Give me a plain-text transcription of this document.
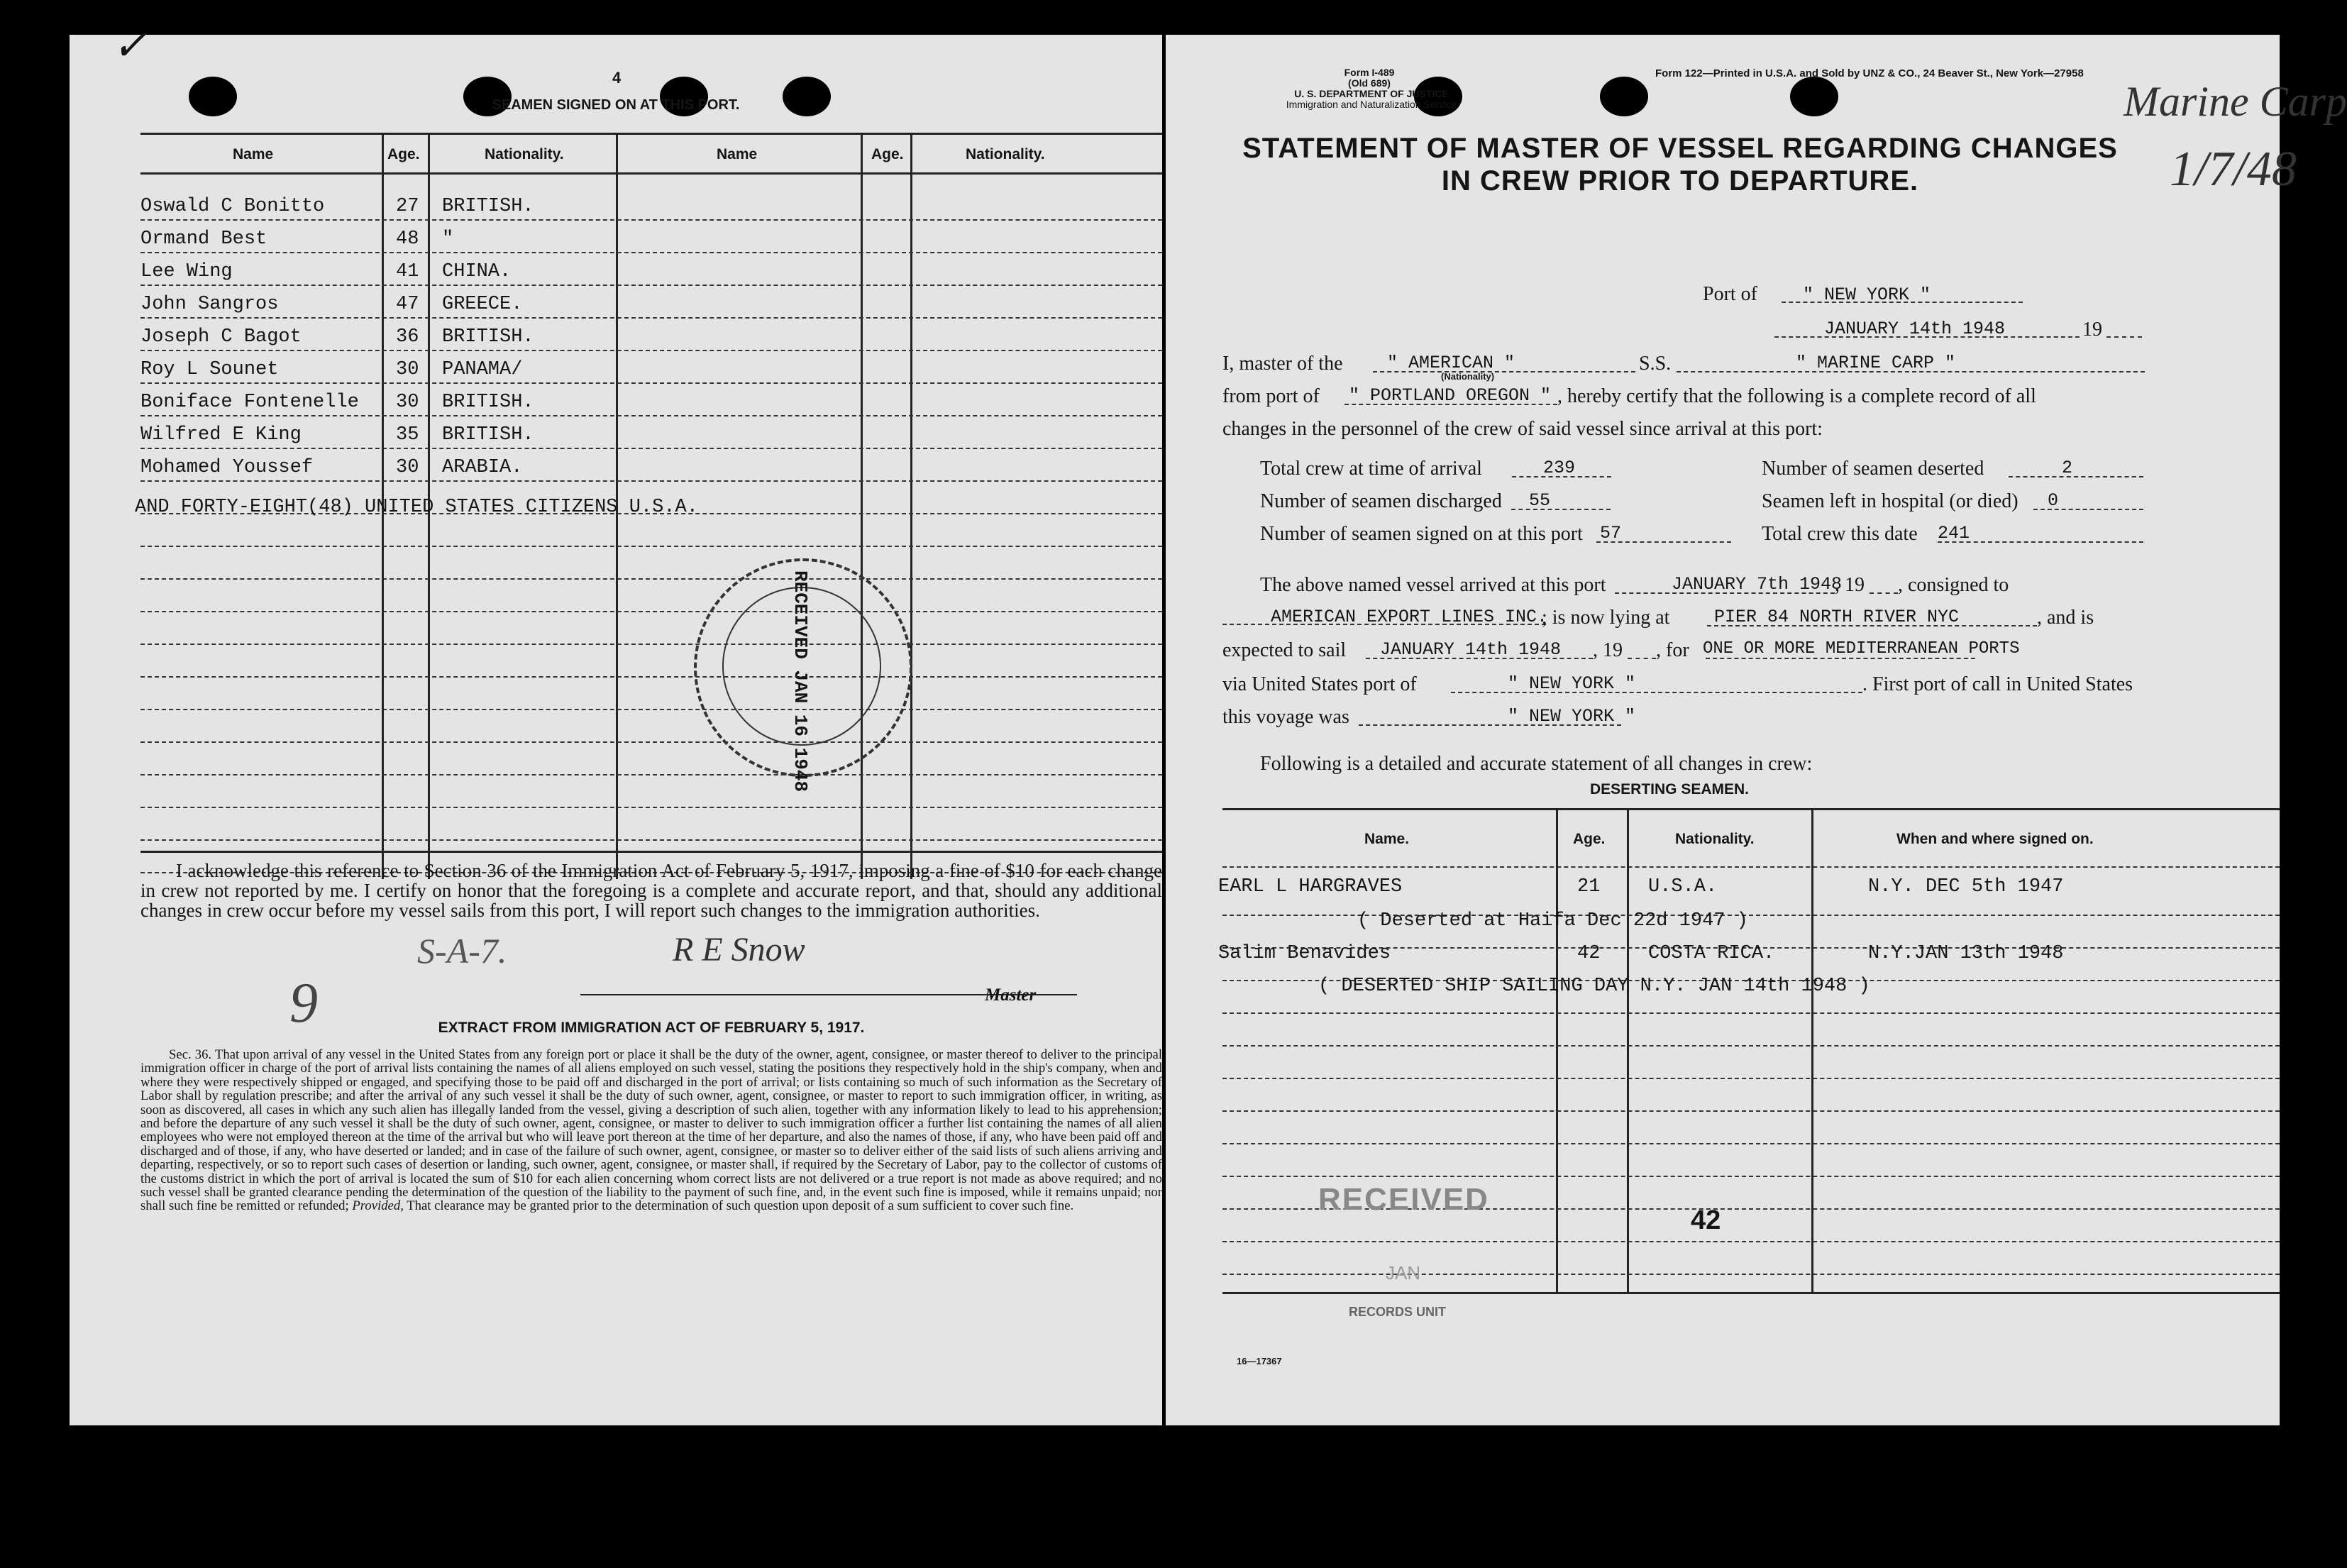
✓
4
SEAMEN SIGNED ON AT THIS PORT.
Name	Age.	Nationality.	Name	Age.	Nationality.
Oswald C Bonitto	27 BRITISH.
Ormand Best	48 "
Lee Wing	41 CHINA.
John Sangros	47 GREECE.
Joseph C Bagot	36 BRITISH.
Roy L Sounet	30 PANAMA/
Boniface Fontenelle 30 BRITISH.
Wilfred E King	35 BRITISH.
Mohamed Youssef	30 ARABIA.
AND FORTY-EIGHT(48) UNITED STATES CITIZENS U.S.A.
RECEIVED JAN 16 1948
I acknowledge this reference to Section 36 of the Immigration Act of February 5, 1917, imposing a fine of $10 for each change in crew not reported by me. I certify on honor that the foregoing is a complete and accurate report, and that, should any additional changes in crew occur before my vessel sails from this port, I will report such changes to the immigration authorities.
S-A-7.	R E Snow
9	Master
EXTRACT FROM IMMIGRATION ACT OF FEBRUARY 5, 1917.
Sec. 36. That upon arrival of any vessel in the United States from any foreign port or place it shall be the duty of the owner, agent, consignee, or master thereof to deliver to the principal immigration officer in charge of the port of arrival lists containing the names of all aliens employed on such vessel, stating the positions they respectively hold in the ship's company, when and where they were respectively shipped or engaged, and specifying those to be paid off and discharged in the port of arrival; or lists containing so much of such information as the Secretary of Labor shall by regulation prescribe; and after the arrival of any such vessel it shall be the duty of such owner, agent, consignee, or master to report to such immigration officer, in writing, as soon as discovered, all cases in which any such alien has illegally landed from the vessel, giving a description of such alien, together with any information likely to lead to his apprehension; and before the departure of any such vessel it shall be the duty of such owner, agent, consignee, or master to deliver to such immigration officer a further list containing the names of all alien employees who were not employed thereon at the time of the arrival but who will leave port thereon at the time of her departure, and also the names of those, if any, who have been paid off and discharged and of those, if any, who have deserted or landed; and in case of the failure of such owner, agent, consignee, or master so to deliver either of the said lists of such aliens arriving and departing, respectively, or so to report such cases of desertion or landing, such owner, agent, consignee, or master shall, if required by the Secretary of Labor, pay to the collector of customs of the customs district in which the port of arrival is located the sum of $10 for each alien concerning whom correct lists are not delivered or a true report is not made as above required; and no such vessel shall be granted clearance pending the determination of the question of the liability to the payment of such fine, and, in the event such fine is imposed, while it remains unpaid; nor shall such fine be remitted or refunded; Provided, That clearance may be granted prior to the determination of such question upon deposit of a sum sufficient to cover such fine.
Form I-489
(Old 689)
U. S. DEPARTMENT OF JUSTICE
Immigration and Naturalization Service
Form 122—Printed in U.S.A. and Sold by UNZ & CO., 24 Beaver St., New York—27958
Marine Carp
1/7/48
STATEMENT OF MASTER OF VESSEL REGARDING CHANGES
IN CREW PRIOR TO DEPARTURE.
Port of	" NEW YORK "
JANUARY 14th 1948	19
I, master of the	" AMERICAN "
(Nationality)
S.S.	" MARINE CARP "
from port of " PORTLAND OREGON " , hereby certify that the following is a complete record of all
changes in the personnel of the crew of said vessel since arrival at this port:
Total crew at time of arrival	239	Number of seamen deserted	2
Number of seamen discharged 55	Seamen left in hospital (or died) 0
Number of seamen signed on at this port 57	Total crew this date 241
The above named vessel arrived at this port	JANUARY 7th 1948
, 19 , consigned to
AMERICAN EXPORT LINES INC.
; is now lying at	PIER 84 NORTH RIVER NYC	, and is
expected to sail JANUARY 14th 1948 , 19 , for ONE OR MORE MEDITERRANEAN PORTS
via United States port of	" NEW YORK "	. First port of call in United States
this voyage was	" NEW YORK "
Following is a detailed and accurate statement of all changes in crew:
DESERTING SEAMEN.
Name.	Age.	Nationality.	When and where signed on.
EARL L HARGRAVES	21	U.S.A.	N.Y. DEC 5th 1947
Salim Benavides	42	COSTA RICA.	N.Y.JAN 13th 1948
( Deserted at Haifa Dec 22d 1947 )
( DESERTED SHIP SAILING DAY N.Y. JAN 14th 1948 )
RECEIVED
JAN
RECORDS UNIT
42
16—17367
